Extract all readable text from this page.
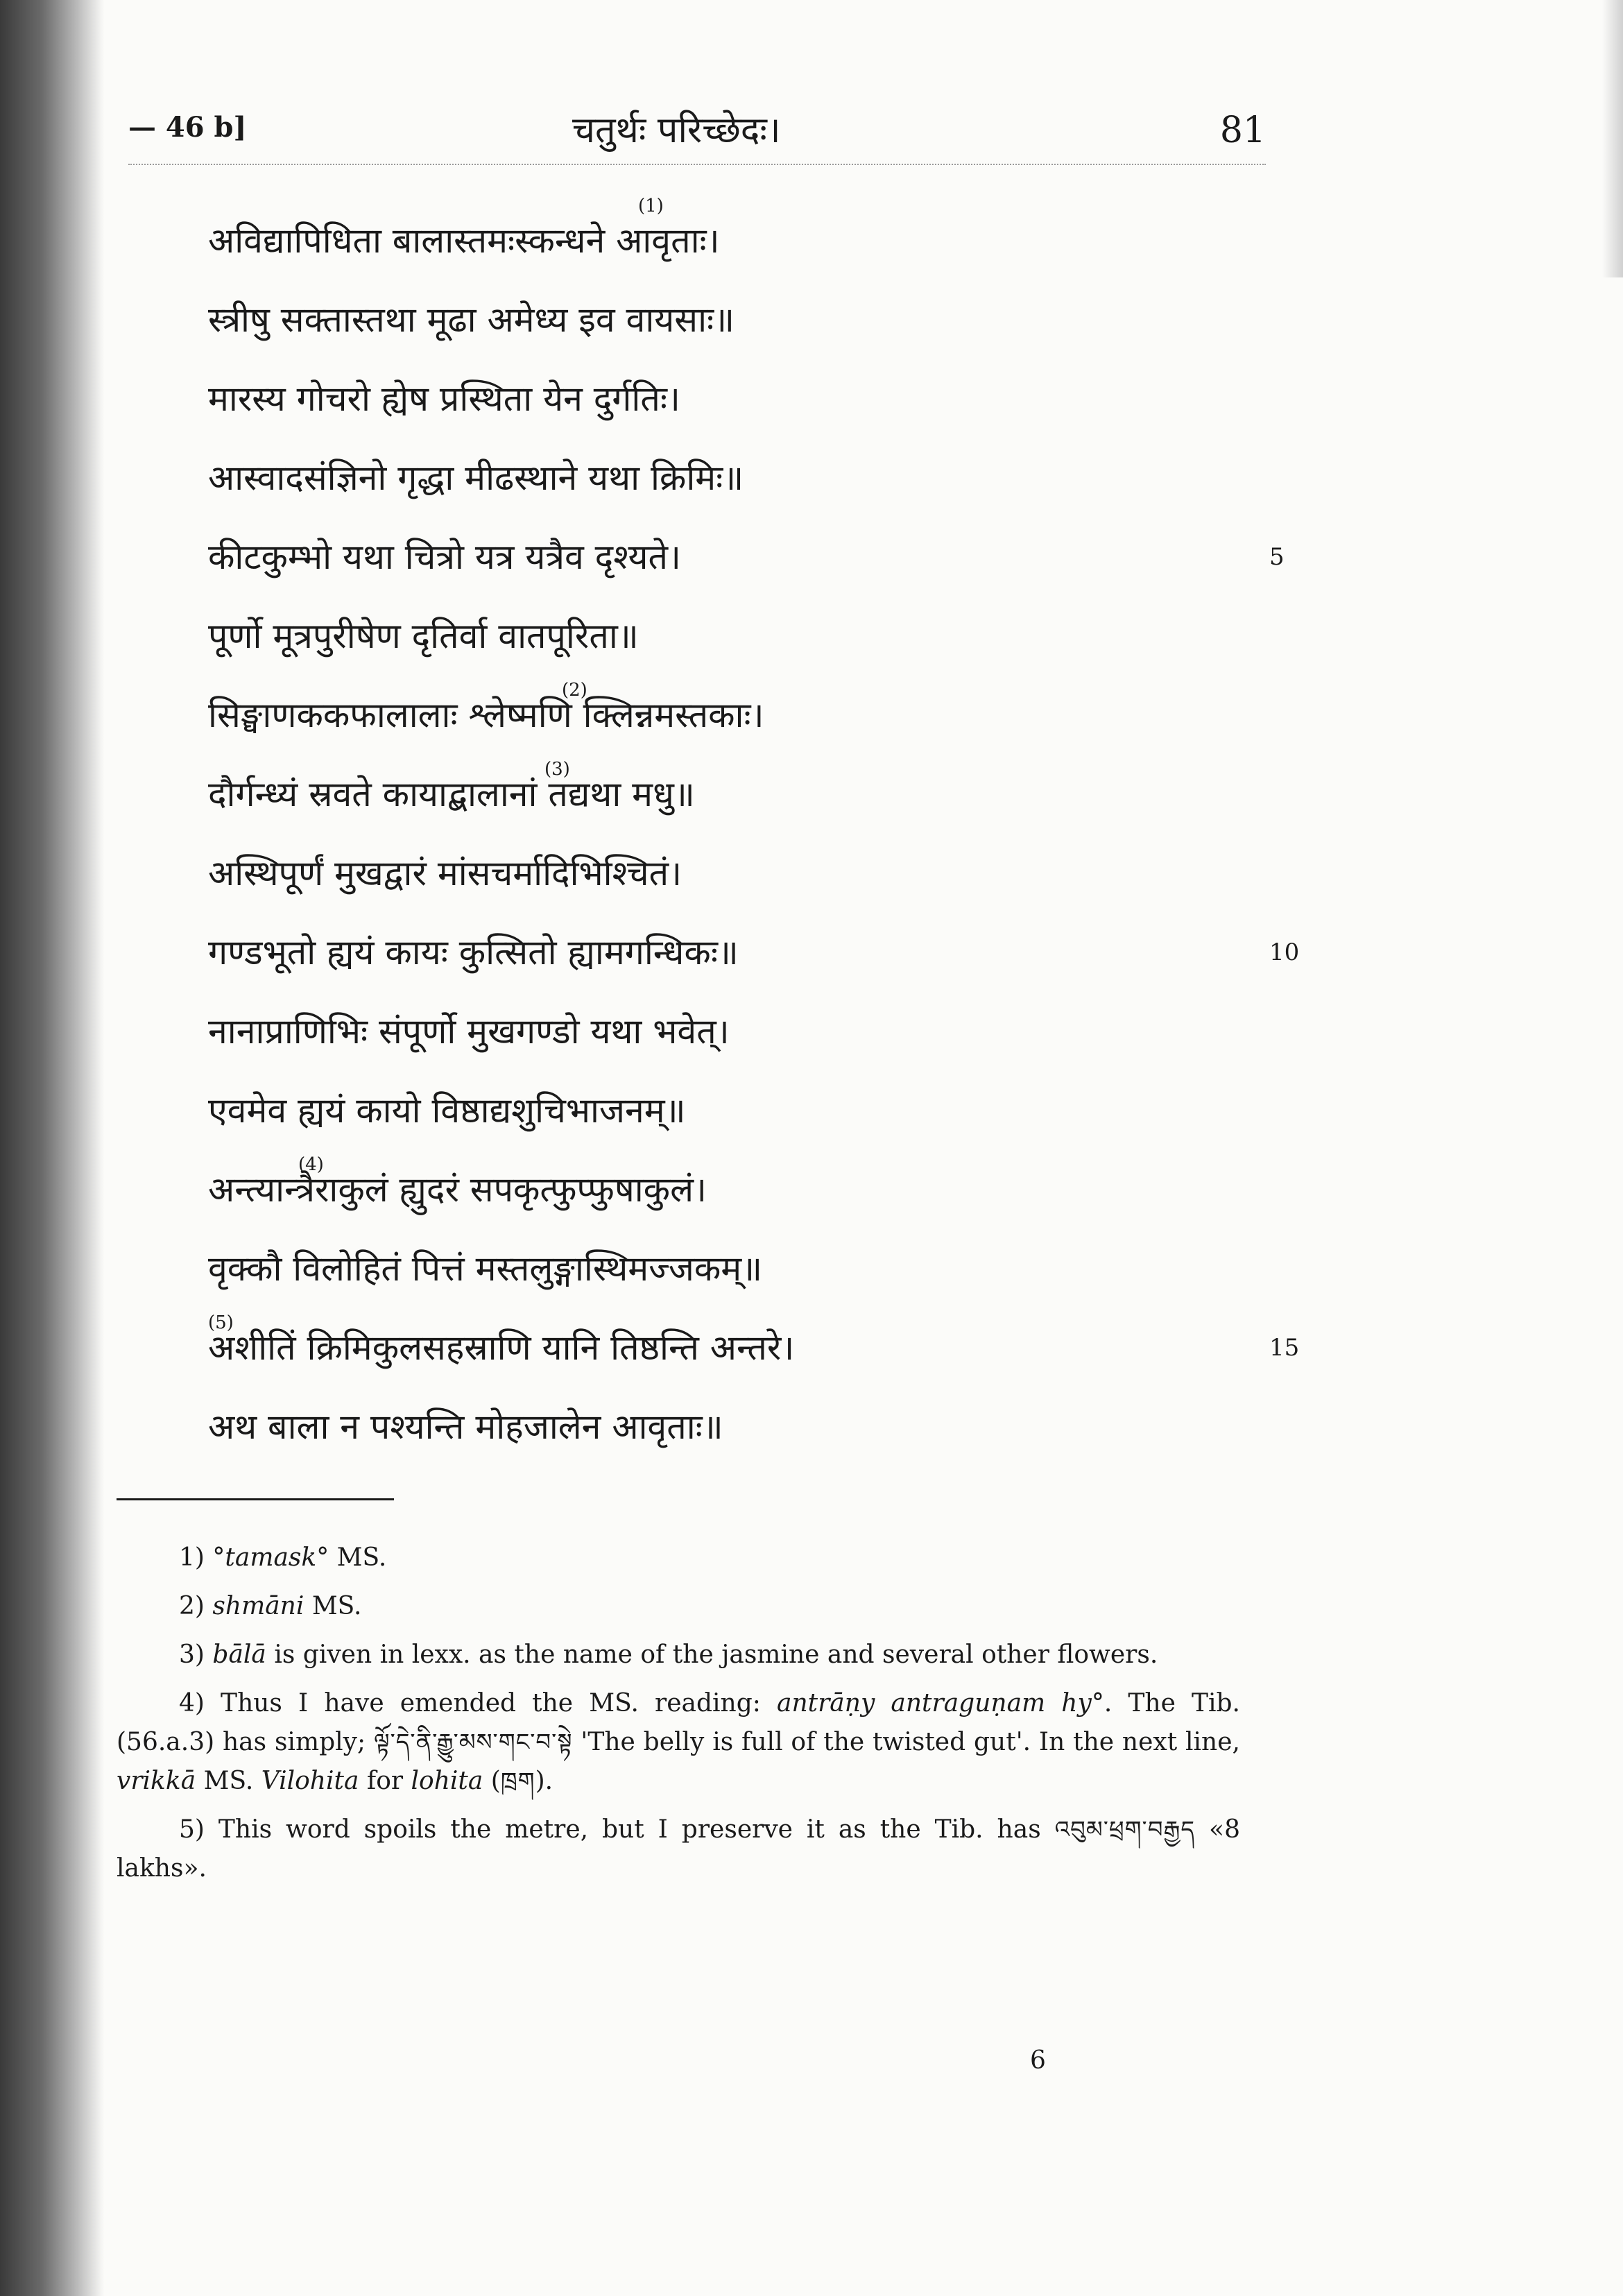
— 46 b]	चतुर्थः परिच्छेदः।	81
अविद्यापिधिता बालास्तमःस्कन्धने आवृताः।
(1)
स्त्रीषु सक्तास्तथा मूढा अमेध्य इव वायसाः॥
मारस्य गोचरो ह्येष प्रस्थिता येन दुर्गतिः।
आस्वादसंज्ञिनो गृद्धा मीढस्थाने यथा क्रिमिः॥
कीटकुम्भो यथा चित्रो यत्र यत्रैव दृश्यते।	5
पूर्णो मूत्रपुरीषेण दृतिर्वा वातपूरिता॥
सिङ्घाणककफालालाः श्लेष्मणि क्लिन्नमस्तकाः।
(2)
दौर्गन्ध्यं स्रवते कायाद्बालानां तद्यथा मधु॥
(3)
अस्थिपूर्णं मुखद्वारं मांसचर्मादिभिश्चितं।
गण्डभूतो ह्ययं कायः कुत्सितो ह्यामगन्धिकः॥	10
नानाप्राणिभिः संपूर्णो मुखगण्डो यथा भवेत्।
एवमेव ह्ययं कायो विष्ठाद्यशुचिभाजनम्॥
अन्त्यान्त्रैराकुलं ह्युदरं सपकृत्फुप्फुषाकुलं।
(4)
वृक्कौ विलोहितं पित्तं मस्तलुङ्गास्थिमज्जकम्॥
अशीतिं क्रिमिकुलसहस्राणि यानि तिष्ठन्ति अन्तरे।
(5)
15
अथ बाला न पश्यन्ति मोहजालेन आवृताः॥

1) °tamask° MS.

2) shmāni MS.

3) bālā is given in lexx. as the name of the jasmine and several other flowers.

4) Thus I have emended the MS. reading: antrāṇy antraguṇam hy°. The Tib. (56.a.3) has simply; ལྟོ་དེ་ནི་རྒྱུ་མས་གང་བ་སྟེ 'The belly is full of the twisted gut'. In the next line, vrikkā MS. Vilohita for lohita (ཁྲག).

5) This word spoils the metre, but I preserve it as the Tib. has འབུམ་ཕྲག་བརྒྱད «8 lakhs».

6
